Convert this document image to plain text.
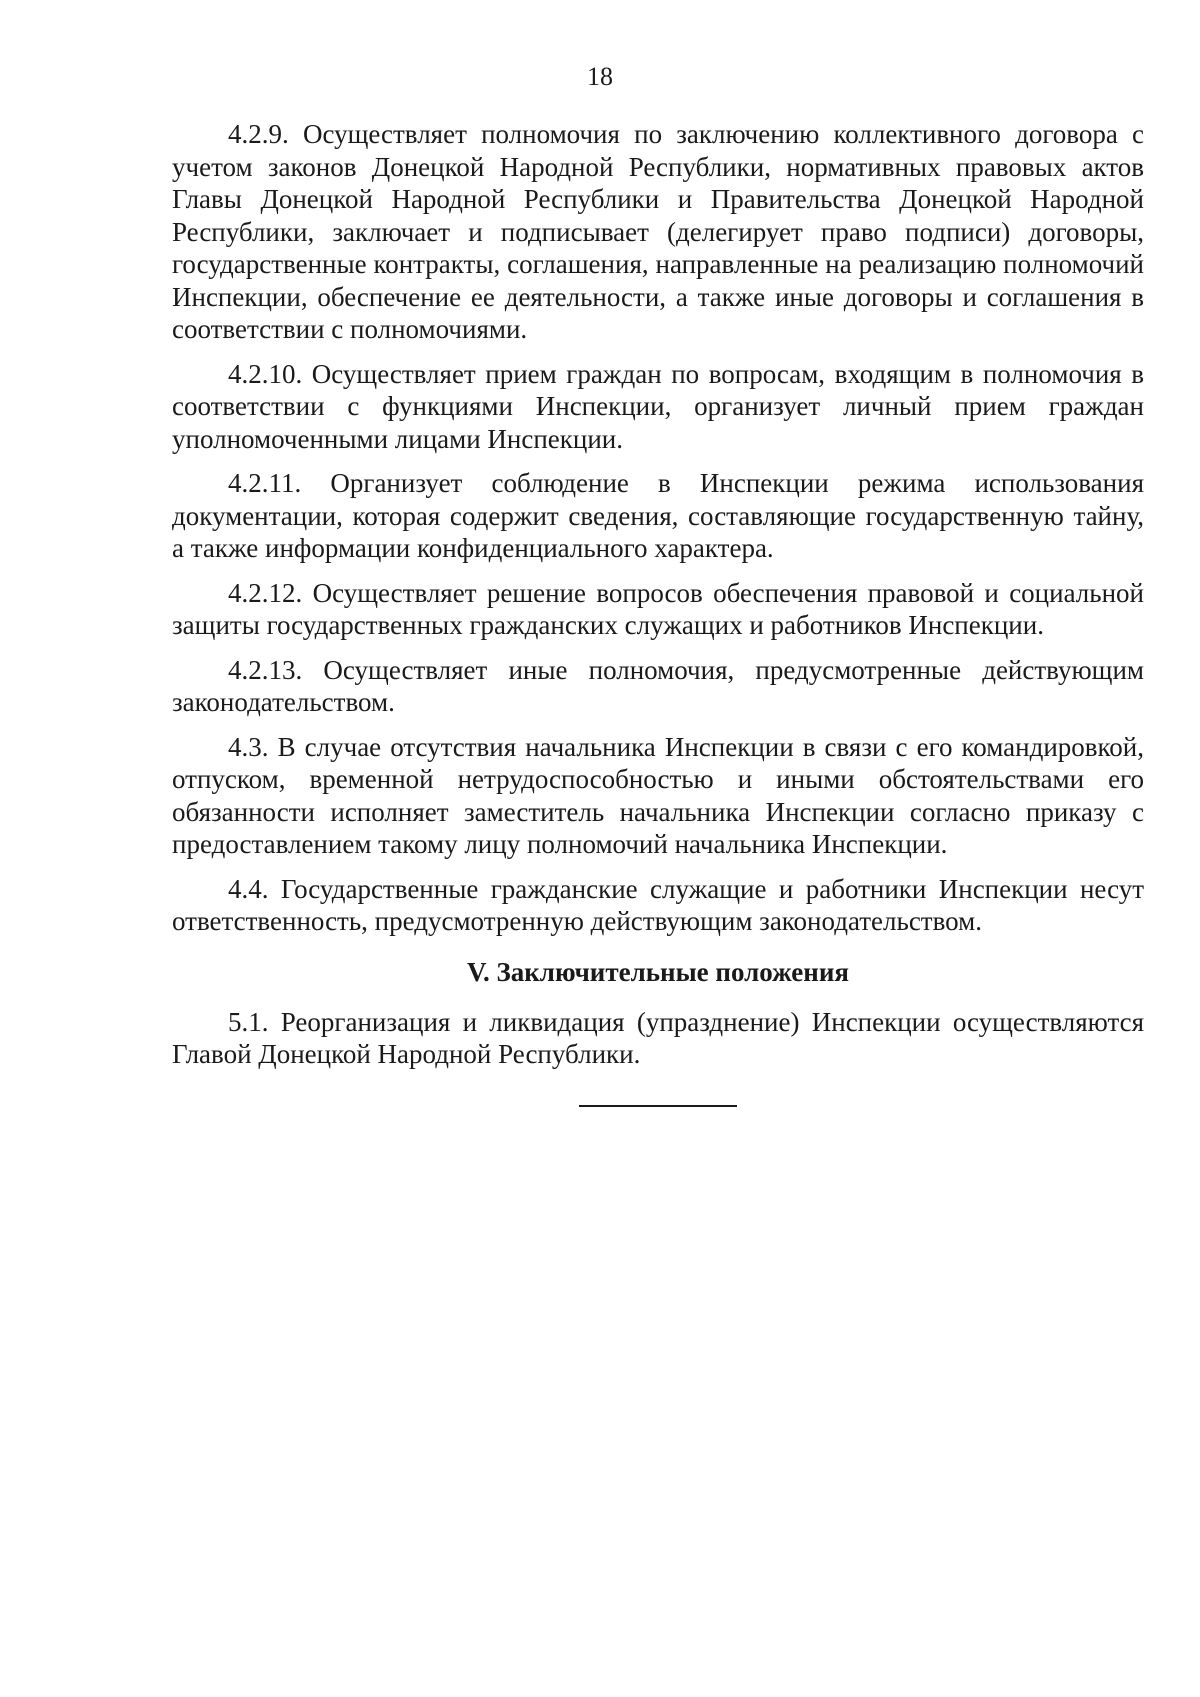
18

4.2.9. Осуществляет полномочия по заключению коллективного договора с учетом законов Донецкой Народной Республики, нормативных правовых актов Главы Донецкой Народной Республики и Правительства Донецкой Народной Республики, заключает и подписывает (делегирует право подписи) договоры, государственные контракты, соглашения, направленные на реализацию полномочий Инспекции, обеспечение ее деятельности, а также иные договоры и соглашения в соответствии с полномочиями.

4.2.10. Осуществляет прием граждан по вопросам, входящим в полномочия в соответствии с функциями Инспекции, организует личный прием граждан уполномоченными лицами Инспекции.

4.2.11. Организует соблюдение в Инспекции режима использования документации, которая содержит сведения, составляющие государственную тайну, а также информации конфиденциального характера.

4.2.12. Осуществляет решение вопросов обеспечения правовой и социальной защиты государственных гражданских служащих и работников Инспекции.

4.2.13. Осуществляет иные полномочия, предусмотренные действующим законодательством.

4.3. В случае отсутствия начальника Инспекции в связи с его командировкой, отпуском, временной нетрудоспособностью и иными обстоятельствами его обязанности исполняет заместитель начальника Инспекции согласно приказу с предоставлением такому лицу полномочий начальника Инспекции.

4.4. Государственные гражданские служащие и работники Инспекции несут ответственность, предусмотренную действующим законодательством.

V. Заключительные положения

5.1. Реорганизация и ликвидация (упразднение) Инспекции осуществляются Главой Донецкой Народной Республики.
